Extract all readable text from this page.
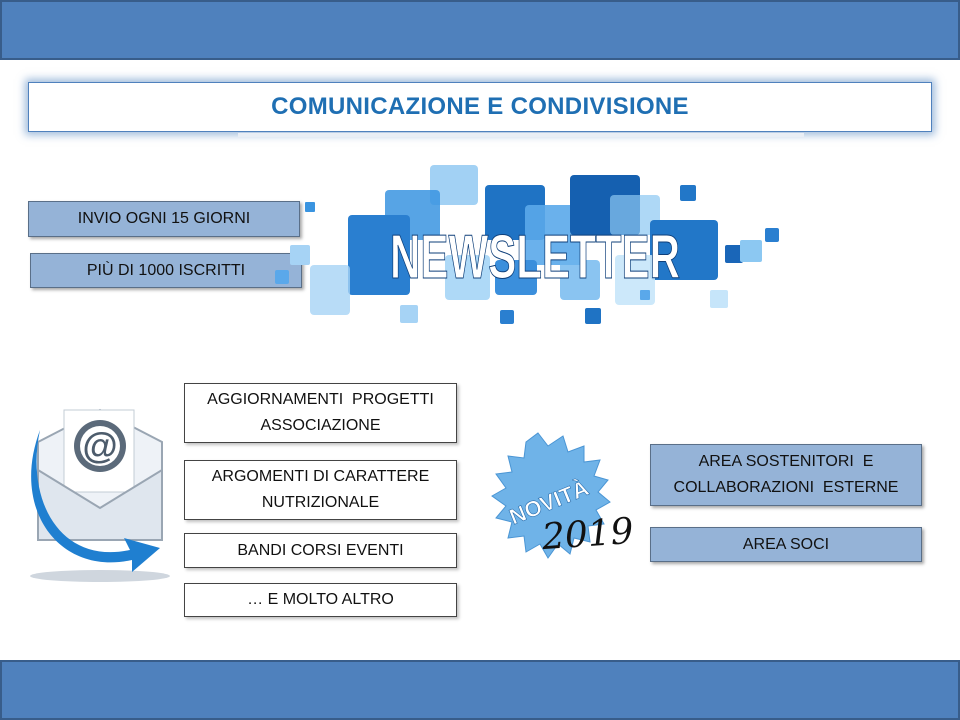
COMUNICAZIONE E CONDIVISIONE
INVIO OGNI 15 GIORNI
PIÙ DI 1000 ISCRITTI NEWSLETTER
@
AGGIORNAMENTI  PROGETTI
ASSOCIAZIONE
ARGOMENTI DI CARATTERE
NUTRIZIONALE
BANDI CORSI EVENTI
… E MOLTO ALTRO
NOVITÀ
2019
AREA SOSTENITORI  E
COLLABORAZIONI  ESTERNE
AREA SOCI
